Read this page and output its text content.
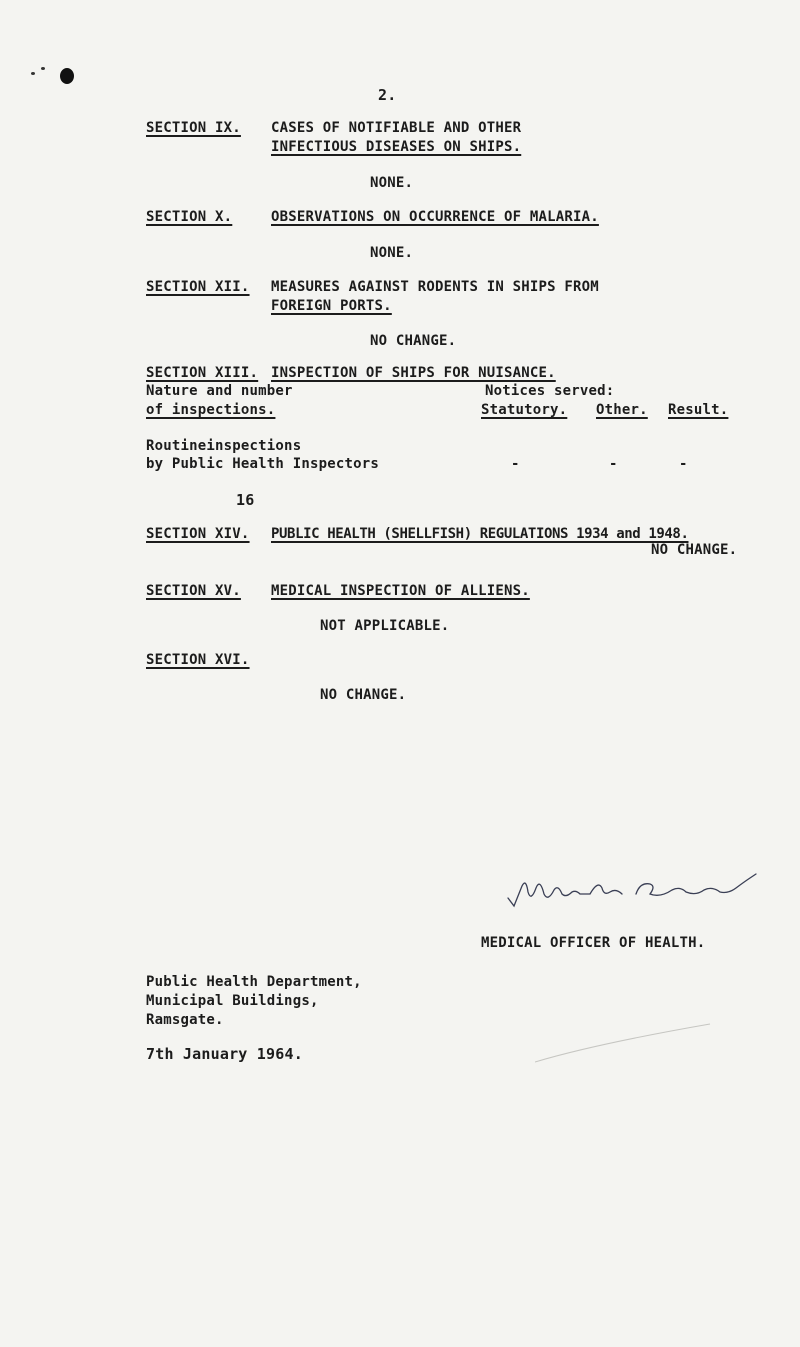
2.
SECTION IX. CASES OF NOTIFIABLE AND OTHER
INFECTIOUS DISEASES ON SHIPS.
NONE.
SECTION X.	OBSERVATIONS ON OCCURRENCE OF MALARIA.
NONE.
SECTION XII. MEASURES AGAINST RODENTS IN SHIPS FROM
FOREIGN PORTS.
NO CHANGE.
SECTION XIII. INSPECTION OF SHIPS FOR NUISANCE.
Nature and number	Notices served:
of inspections.	Statutory. Other. Result.
Routineinspections
by Public Health Inspectors	-	-	-
16
SECTION XIV. PUBLIC HEALTH (SHELLFISH) REGULATIONS 1934 and 1948.
NO CHANGE.
SECTION XV. MEDICAL INSPECTION OF ALLIENS.
NOT APPLICABLE.
SECTION XVI.
NO CHANGE.
MEDICAL OFFICER OF HEALTH.
Public Health Department,
Municipal Buildings,
Ramsgate.
7th January 1964.
